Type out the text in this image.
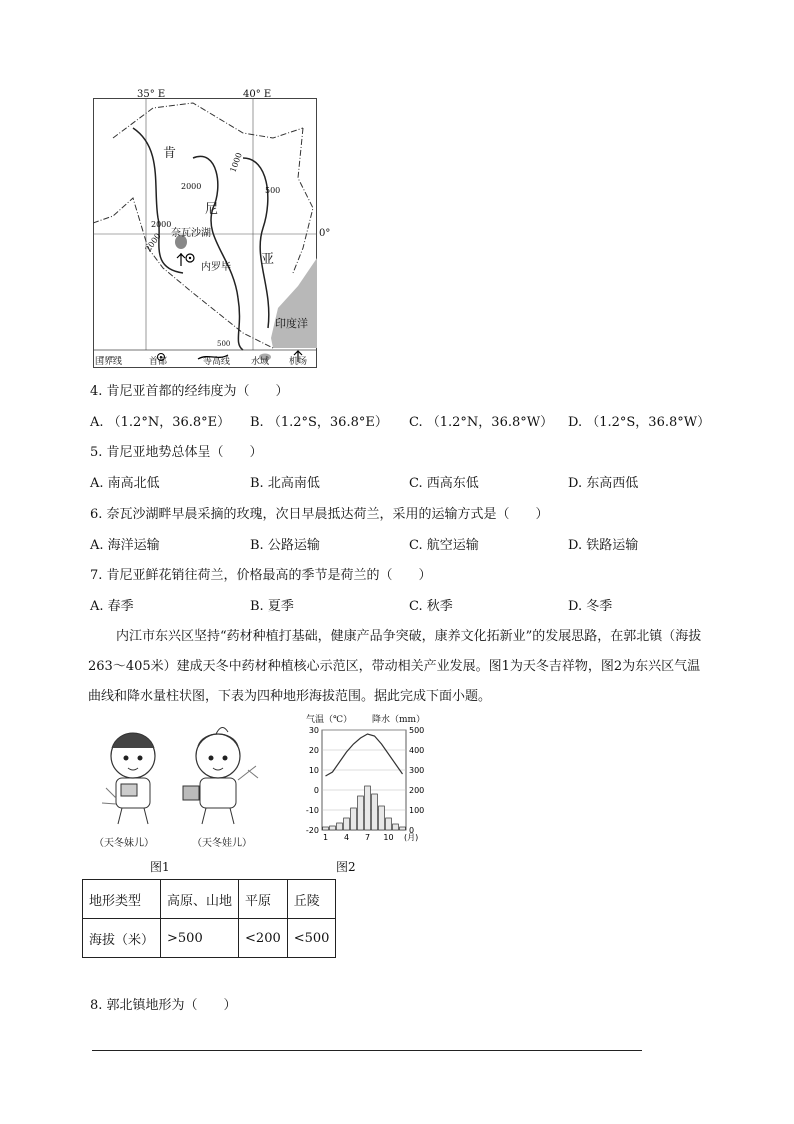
35° E	40° E
肯
尼
亚
2000
1000
500
2000
2000 奈瓦沙湖
内罗毕
0°
印度洋
国界线	首都
500
等高线 水域 机场
4. 肯尼亚首都的经纬度为（　　）
A. （1.2°N，36.8°E） B. （1.2°S，36.8°E） C. （1.2°N，36.8°W） D. （1.2°S，36.8°W）
5. 肯尼亚地势总体呈（　　）
A. 南高北低	B. 北高南低	C. 西高东低	D. 东高西低
6. 奈瓦沙湖畔早晨采摘的玫瑰，次日早晨抵达荷兰，采用的运输方式是（　　）
A. 海洋运输	B. 公路运输	C. 航空运输	D. 铁路运输
7. 肯尼亚鲜花销往荷兰，价格最高的季节是荷兰的（　　）
A. 春季	B. 夏季	C. 秋季	D. 冬季

内江市东兴区坚持“药材种植打基础，健康产品争突破，康养文化拓新业”的发展思路，在郭北镇（海拔263～405米）建成天冬中药材种植核心示范区，带动相关产业发展。图1为天冬吉祥物，图2为东兴区气温曲线和降水量柱状图，下表为四种地形海拔范围。据此完成下面小题。

（天冬妹儿）	（天冬娃儿）
图1
气温（℃） 降水（mm）
30
20
10
0
-10
-20
500
400
300
200
100
0
1 4 7 10 (月)
图2
地形类型	高原、山地	平原	丘陵
海拔（米）	>500	<200	<500
8. 郭北镇地形为（　　）
